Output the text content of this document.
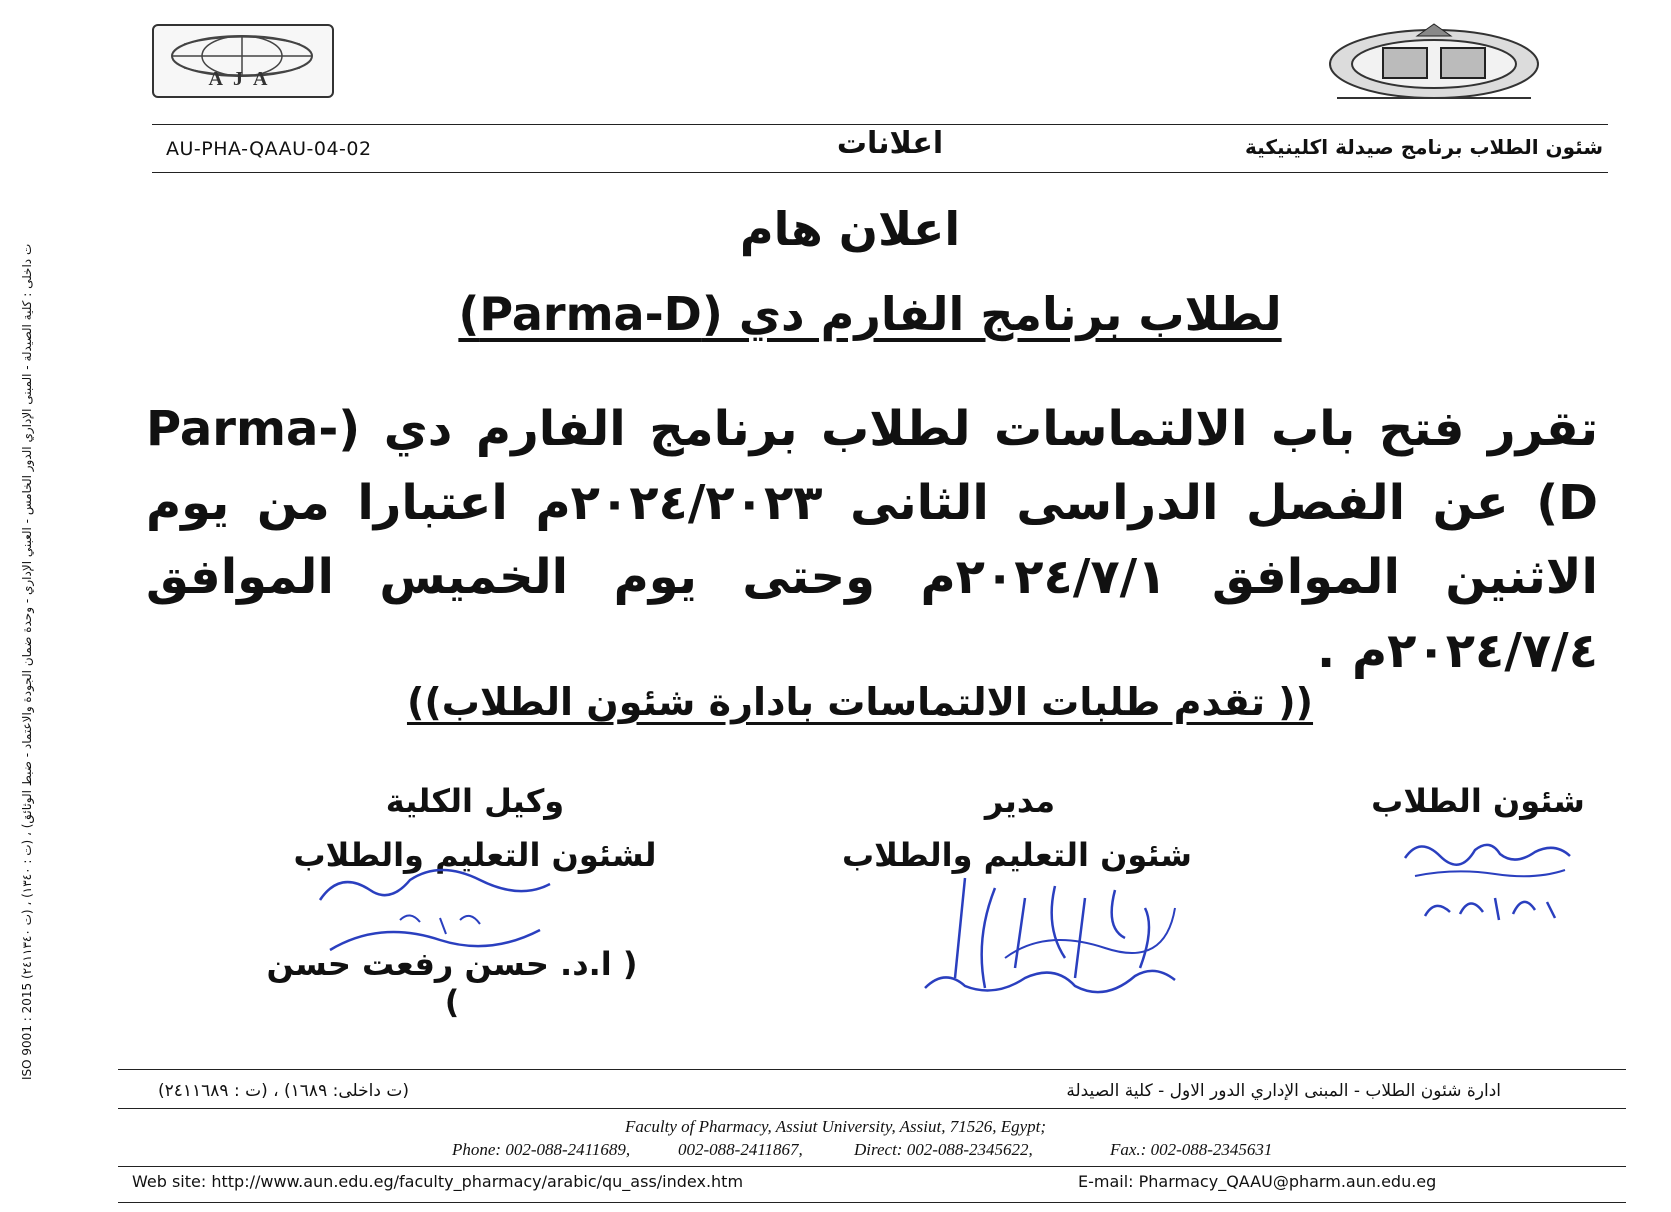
AJA
AU-PHA-QAAU-04-02	اعلانات	شئون الطلاب برنامج صيدلة اكلينيكية
اعلان هام
لطلاب برنامج الفارم دي (Parma-D)
تقرر فتح باب الالتماسات لطلاب برنامج الفارم دي (Parma-D) عن الفصل الدراسى الثانى ٢٠٢٤/٢٠٢٣م اعتبارا من يوم الاثنين الموافق ٢٠٢٤/٧/١م وحتى يوم الخميس الموافق ٢٠٢٤/٧/٤م .
(( تقدم طلبات الالتماسات بادارة شئون الطلاب))
شئون الطلاب
مدير
شئون التعليم والطلاب
وكيل الكلية
لشئون التعليم والطلاب
( ا.د. حسن رفعت حسن )
ISO 9001 : 2015 (ت ٢٤١١٣٤٠) ، (ت : ١٣٤٠) ، (ت داخلى : كلية الصيدلة - المبنى الإداري الدور الخامس - العبني الإداري - وحدة ضمان الجودة والاعتماد - ضبط الوثائق
ادارة شئون الطلاب - المبنى الإداري الدور الاول - كلية الصيدلة
(ت داخلى: ١٦٨٩) ، (ت : ٢٤١١٦٨٩)
Faculty of Pharmacy, Assiut University, Assiut, 71526, Egypt;
Phone: 002-088-2411689,	002-088-2411867,	Direct: 002-088-2345622,	Fax.: 002-088-2345631
Web site: http://www.aun.edu.eg/faculty_pharmacy/arabic/qu_ass/index.htm	E-mail: Pharmacy_QAAU@pharm.aun.edu.eg
